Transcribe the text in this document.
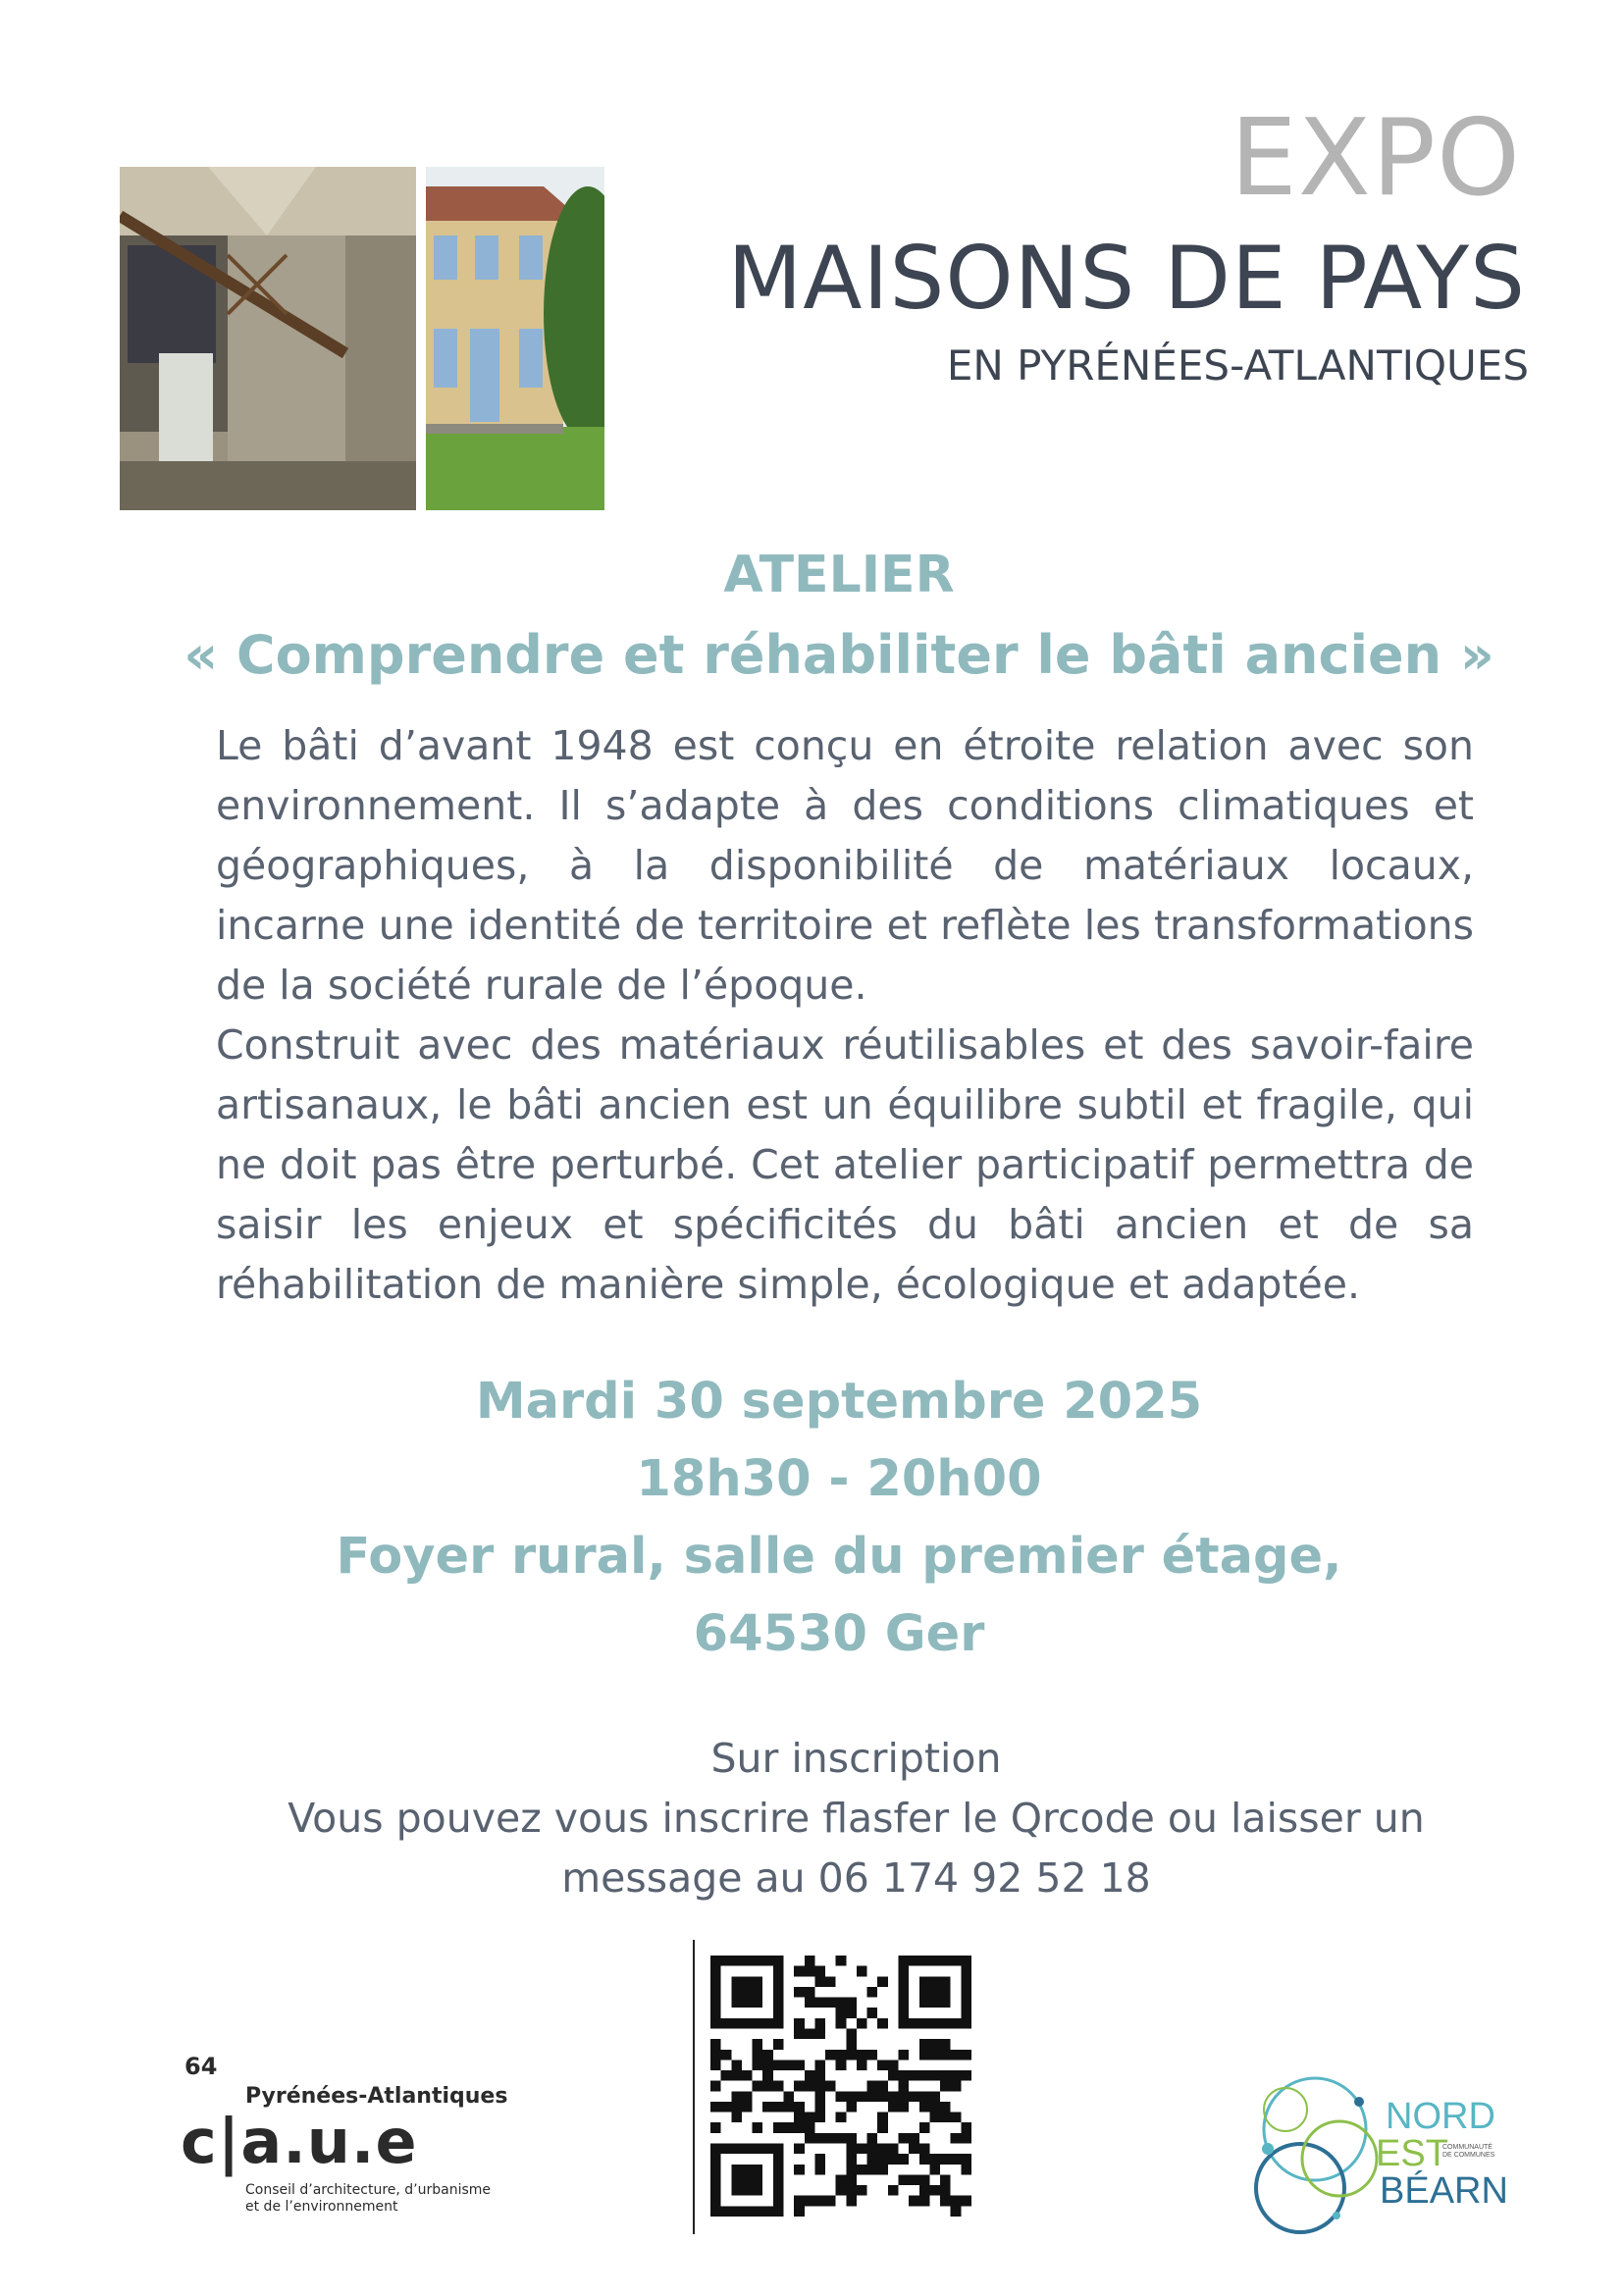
EXPO
MAISONS DE PAYS
EN PYRÉNÉES-ATLANTIQUES
ATELIER
« Comprendre et réhabiliter le bâti ancien »

Le bâti d’avant 1948 est conçu en étroite relation avec son environnement. Il s’adapte à des conditions climatiques et géographiques, à la disponibilité de matériaux locaux, incarne une identité de territoire et reflète les transformations de la société rurale de l’époque.

Construit avec des matériaux réutilisables et des savoir-faire artisanaux, le bâti ancien est un équilibre subtil et fragile, qui ne doit pas être perturbé. Cet atelier participatif permettra de saisir les enjeux et spécificités du bâti ancien et de sa réhabilitation de manière simple, écologique et adaptée.

Mardi 30 septembre 2025
18h30 - 20h00
Foyer rural, salle du premier étage,
64530 Ger
Sur inscription
Vous pouvez vous inscrire flasfer le Qrcode ou laisser un
message au 06 174 92 52 18
64
Pyrénées-Atlantiques
c|a.u.e
Conseil d’architecture, d’urbanisme
et de l’environnement
NORD
EST
COMMUNAUTÉ
DE COMMUNES
BÉARN
